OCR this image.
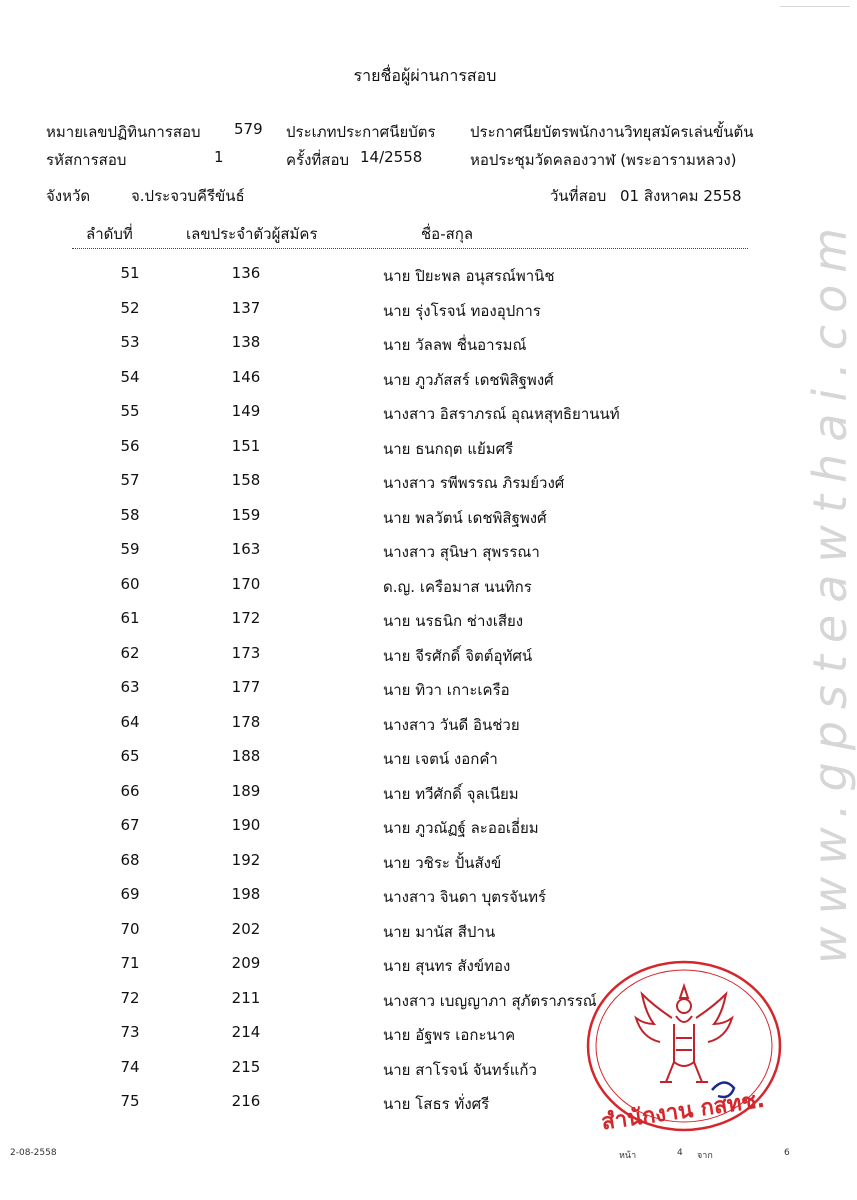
รายชื่อผู้ผ่านการสอบ
หมายเลขปฏิทินการสอบ 579 ประเภทประกาศนียบัตร ประกาศนียบัตรพนักงานวิทยุสมัครเล่นขั้นต้น
รหัสการสอบ	1	ครั้งที่สอบ 14/2558	หอประชุมวัดคลองวาฬ (พระอารามหลวง)
จังหวัด	จ.ประจวบคีรีขันธ์	วันที่สอบ 01 สิงหาคม 2558
ลำดับที่	เลขประจำตัวผู้สมัคร	ชื่อ-สกุล
51	136	นาย ปิยะพล อนุสรณ์พานิช
52	137	นาย รุ่งโรจน์ ทองอุปการ
53	138	นาย วัลลพ ชื่นอารมณ์
54	146	นาย ภูวภัสสร์ เดชพิสิฐพงศ์
55	149	นางสาว อิสราภรณ์ อุณหสุทธิยานนท์
56	151	นาย ธนกฤต แย้มศรี
57	158	นางสาว รพีพรรณ ภิรมย์วงศ์
58	159	นาย พลวัตน์ เดชพิสิฐพงศ์
59	163	นางสาว สุนิษา สุพรรณา
60	170	ด.ญ. เครือมาส นนทิกร
61	172	นาย นรธนิก ช่างเสียง
62	173	นาย จีรศักดิ์ จิตต์อุทัศน์
63	177	นาย ทิวา เกาะเครือ
64	178	นางสาว วันดี อินช่วย
65	188	นาย เจตน์ งอกคำ
66	189	นาย ทวีศักดิ์ จุลเนียม
67	190	นาย ภูวณัฏฐ์ ละออเอี่ยม
68	192	นาย วชิระ ปั้นสังข์
69	198	นางสาว จินดา บุตรจันทร์
70	202	นาย มานัส สีปาน
71	209	นาย สุนทร สังข์ทอง
72	211	นางสาว เบญญาภา สุภัตราภรรณ์
73	214	นาย อัฐพร เอกะนาค
74	215	นาย สาโรจน์ จันทร์แก้ว
75	216	นาย โสธร ทั่งศรี
www.gpsteawthai.com
สำนักงาน กสทช.
2-08-2558	หน้า	4 จาก	6
